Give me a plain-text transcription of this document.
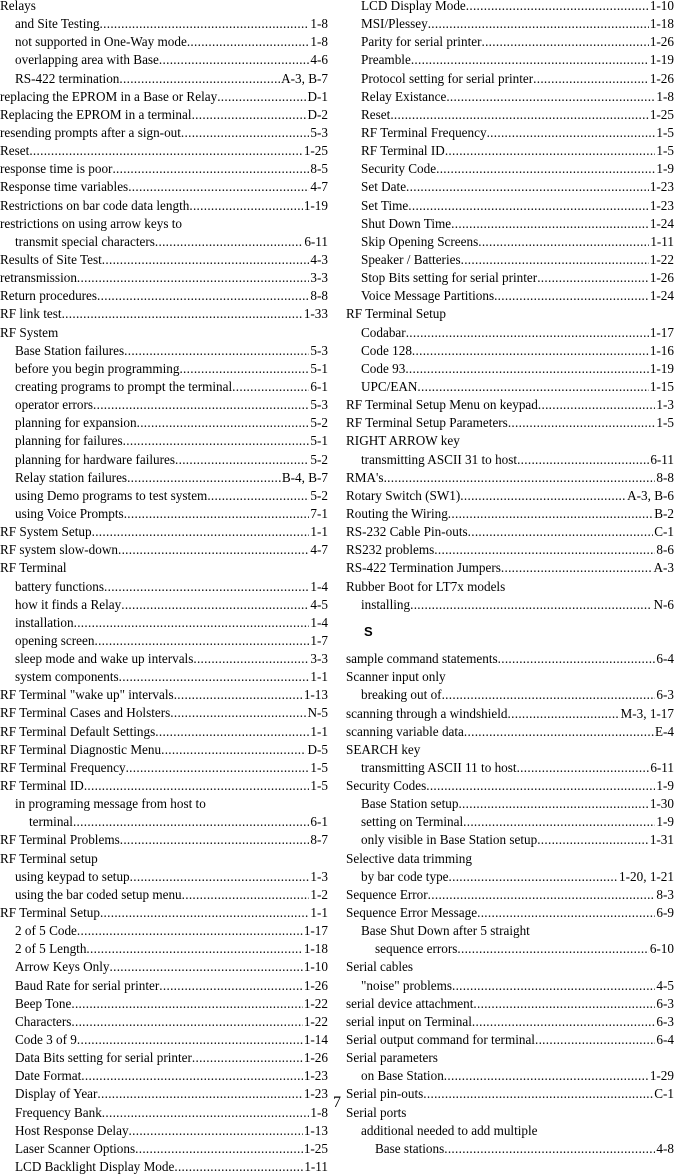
Relays
and Site Testing .....	1-8
not supported in One-Way mode .....	1-8
overlapping area with Base .....	4-6
RS-422 termination .....	A-3, B-7
replacing the EPROM in a Base or Relay .....	D-1
Replacing the EPROM in a terminal .....	D-2
resending prompts after a sign-out .....	5-3
Reset .....	1-25
response time is poor .....	8-5
Response time variables .....	4-7
Restrictions on bar code data length .....	1-19
restrictions on using arrow keys to
transmit special characters .....	6-11
Results of Site Test .....	4-3
retransmission .....	3-3
Return procedures .....	8-8
RF link test .....	1-33
RF System
Base Station failures .....	5-3
before you begin programming .....	5-1
creating programs to prompt the terminal .....	6-1
operator errors .....	5-3
planning for expansion .....	5-2
planning for failures .....	5-1
planning for hardware failures .....	5-2
Relay station failures .....	B-4, B-7
using Demo programs to test system .....	5-2
using Voice Prompts .....	7-1
RF System Setup .....	1-1
RF system slow-down .....	4-7
RF Terminal
battery functions .....	1-4
how it finds a Relay .....	4-5
installation .....	1-4
opening screen .....	1-7
sleep mode and wake up intervals .....	3-3
system components .....	1-1
RF Terminal "wake up" intervals .....	1-13
RF Terminal Cases and Holsters .....	N-5
RF Terminal Default Settings .....	1-1
RF Terminal Diagnostic Menu .....	D-5
RF Terminal Frequency .....	1-5
RF Terminal ID .....	1-5
in programing message from host to
terminal .....	6-1
RF Terminal Problems .....	8-7
RF Terminal setup
using keypad to setup .....	1-3
using the bar coded setup menu .....	1-2
RF Terminal Setup .....	1-1
2 of 5 Code .....	1-17
2 of 5 Length .....	1-18
Arrow Keys Only .....	1-10
Baud Rate for serial printer .....	1-26
Beep Tone .....	1-22
Characters .....	1-22
Code 3 of 9 .....	1-14
Data Bits setting for serial printer .....	1-26
Date Format .....	1-23
Display of Year .....	1-23
Frequency Bank .....	1-8
Host Response Delay .....	1-13
Laser Scanner Options .....	1-25
LCD Backlight Display Mode .....	1-11
LCD Display Mode .....	1-10
MSI/Plessey .....	1-18
Parity for serial printer .....	1-26
Preamble .....	1-19
Protocol setting for serial printer .....	1-26
Relay Existance .....	1-8
Reset .....	1-25
RF Terminal Frequency .....	1-5
RF Terminal ID .....	1-5
Security Code .....	1-9
Set Date .....	1-23
Set Time .....	1-23
Shut Down Time .....	1-24
Skip Opening Screens .....	1-11
Speaker / Batteries .....	1-22
Stop Bits setting for serial printer .....	1-26
Voice Message Partitions .....	1-24
RF Terminal Setup
Codabar .....	1-17
Code 128 .....	1-16
Code 93 .....	1-19
UPC/EAN .....	1-15
RF Terminal Setup Menu on keypad .....	1-3
RF Terminal Setup Parameters .....	1-5
RIGHT ARROW key
transmitting ASCII 31 to host .....	6-11
RMA's .....	8-8
Rotary Switch (SW1) .....	A-3, B-6
Routing the Wiring .....	B-2
RS-232 Cable Pin-outs .....	C-1
RS232 problems .....	8-6
RS-422 Termination Jumpers .....	A-3
Rubber Boot for LT7x models
installing .....	N-6
S
sample command statements .....	6-4
Scanner input only
breaking out of .....	6-3
scanning through a windshield .....	M-3, 1-17
scanning variable data .....	E-4
SEARCH key
transmitting ASCII 11 to host .....	6-11
Security Codes .....	1-9
Base Station setup .....	1-30
setting on Terminal .....	1-9
only visible in Base Station setup .....	1-31
Selective data trimming
by bar code type .....	1-20, 1-21
Sequence Error .....	8-3
Sequence Error Message .....	6-9
Base Shut Down after 5 straight
sequence errors .....	6-10
Serial cables
"noise" problems .....	4-5
serial device attachment .....	6-3
serial input on Terminal .....	6-3
Serial output command for terminal .....	6-4
Serial parameters
on Base Station .....	1-29
Serial pin-outs .....	C-1
Serial ports
additional needed to add multiple
Base stations .....	4-8
7
